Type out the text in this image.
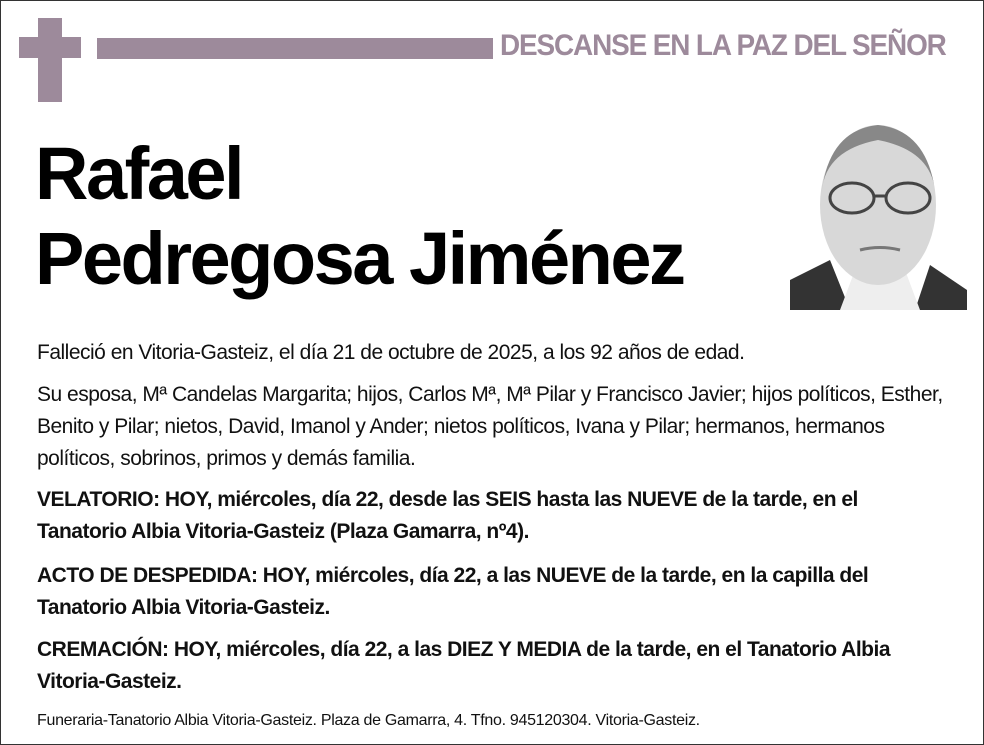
DESCANSE EN LA PAZ DEL SEÑOR
Rafael
Pedregosa Jiménez
Falleció en Vitoria-Gasteiz, el día 21 de octubre de 2025, a los 92 años de edad.
Su esposa, Mª Candelas Margarita; hijos, Carlos Mª, Mª Pilar y Francisco Javier; hijos políticos, Esther, Benito y Pilar; nietos, David, Imanol y Ander; nietos políticos, Ivana y Pilar; hermanos, hermanos políticos, sobrinos, primos y demás familia.
VELATORIO: HOY, miércoles, día 22, desde las SEIS hasta las NUEVE de la tarde, en el Tanatorio Albia Vitoria-Gasteiz (Plaza Gamarra, nº4).
ACTO DE DESPEDIDA: HOY, miércoles, día 22, a las NUEVE de la tarde, en la capilla del Tanatorio Albia Vitoria-Gasteiz.
CREMACIÓN: HOY, miércoles, día 22, a las DIEZ Y MEDIA de la tarde, en el Tanatorio Albia Vitoria-Gasteiz.
Funeraria-Tanatorio Albia Vitoria-Gasteiz. Plaza de Gamarra, 4. Tfno. 945120304. Vitoria-Gasteiz.
